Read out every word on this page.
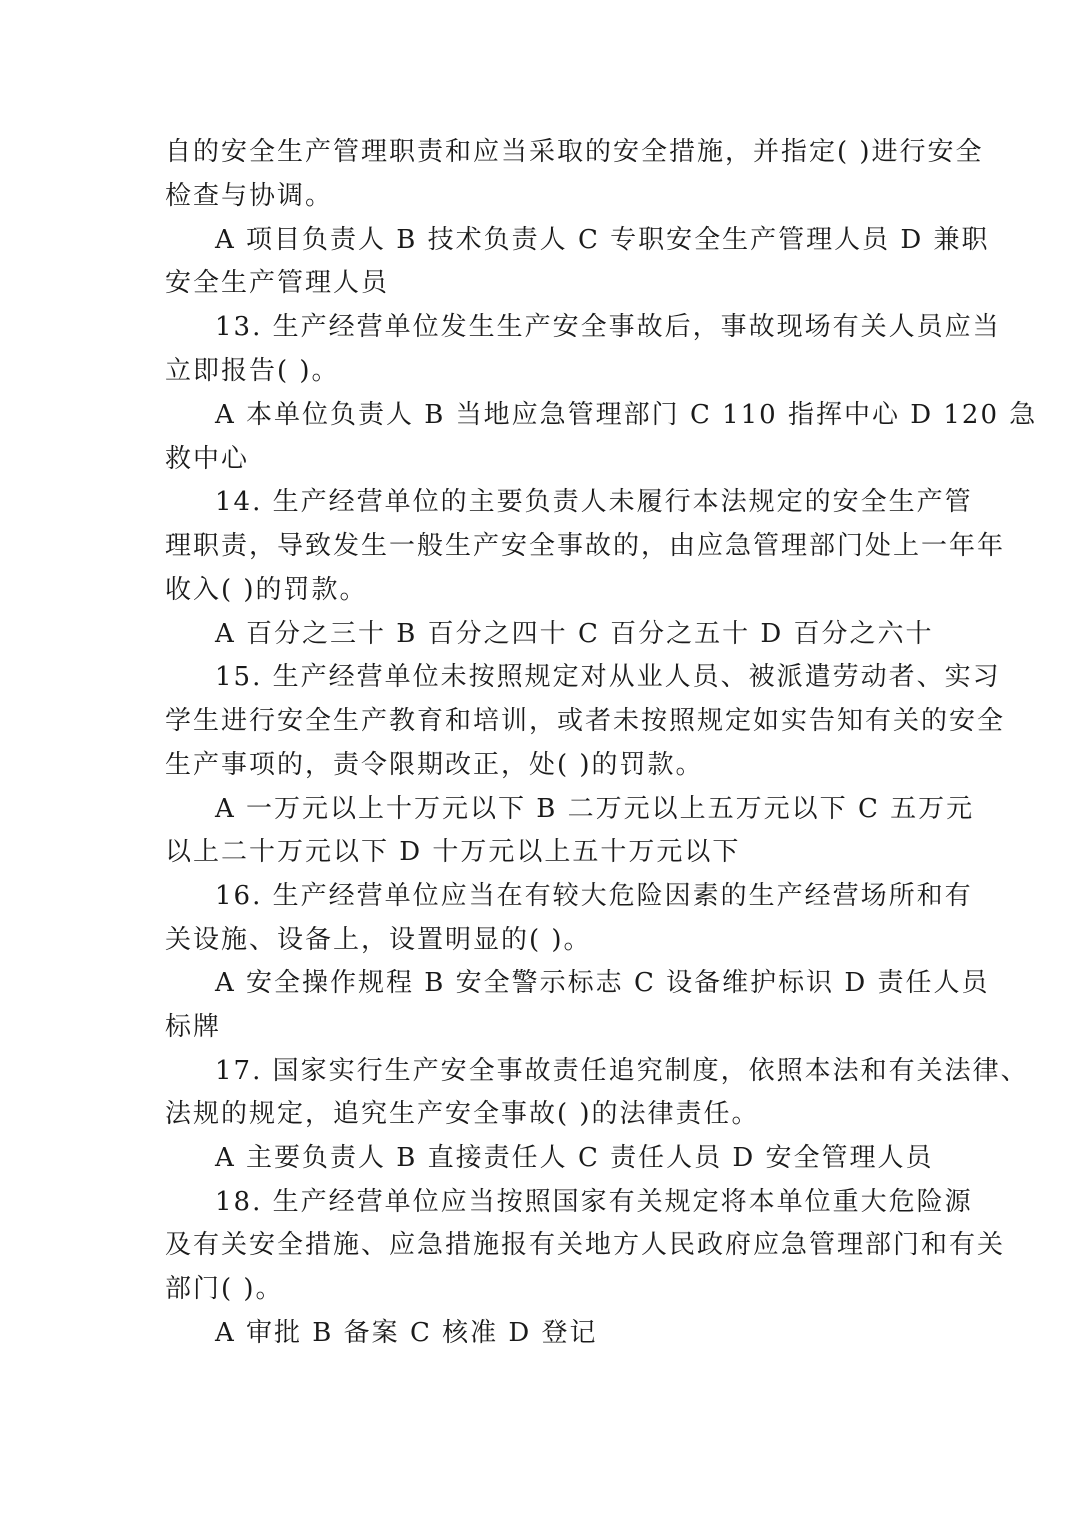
自的安全生产管理职责和应当采取的安全措施，并指定( )进行安全
检查与协调。
A 项目负责人 B 技术负责人 C 专职安全生产管理人员 D 兼职
安全生产管理人员
13. 生产经营单位发生生产安全事故后，事故现场有关人员应当
立即报告( )。
A 本单位负责人 B 当地应急管理部门 C 110 指挥中心 D 120 急
救中心
14. 生产经营单位的主要负责人未履行本法规定的安全生产管
理职责，导致发生一般生产安全事故的，由应急管理部门处上一年年
收入( )的罚款。
A 百分之三十 B 百分之四十 C 百分之五十 D 百分之六十
15. 生产经营单位未按照规定对从业人员、被派遣劳动者、实习
学生进行安全生产教育和培训，或者未按照规定如实告知有关的安全
生产事项的，责令限期改正，处( )的罚款。
A 一万元以上十万元以下 B 二万元以上五万元以下 C 五万元
以上二十万元以下 D 十万元以上五十万元以下
16. 生产经营单位应当在有较大危险因素的生产经营场所和有
关设施、设备上，设置明显的( )。
A 安全操作规程 B 安全警示标志 C 设备维护标识 D 责任人员
标牌
17. 国家实行生产安全事故责任追究制度，依照本法和有关法律、
法规的规定，追究生产安全事故( )的法律责任。
A 主要负责人 B 直接责任人 C 责任人员 D 安全管理人员
18. 生产经营单位应当按照国家有关规定将本单位重大危险源
及有关安全措施、应急措施报有关地方人民政府应急管理部门和有关
部门( )。
A 审批 B 备案 C 核准 D 登记
